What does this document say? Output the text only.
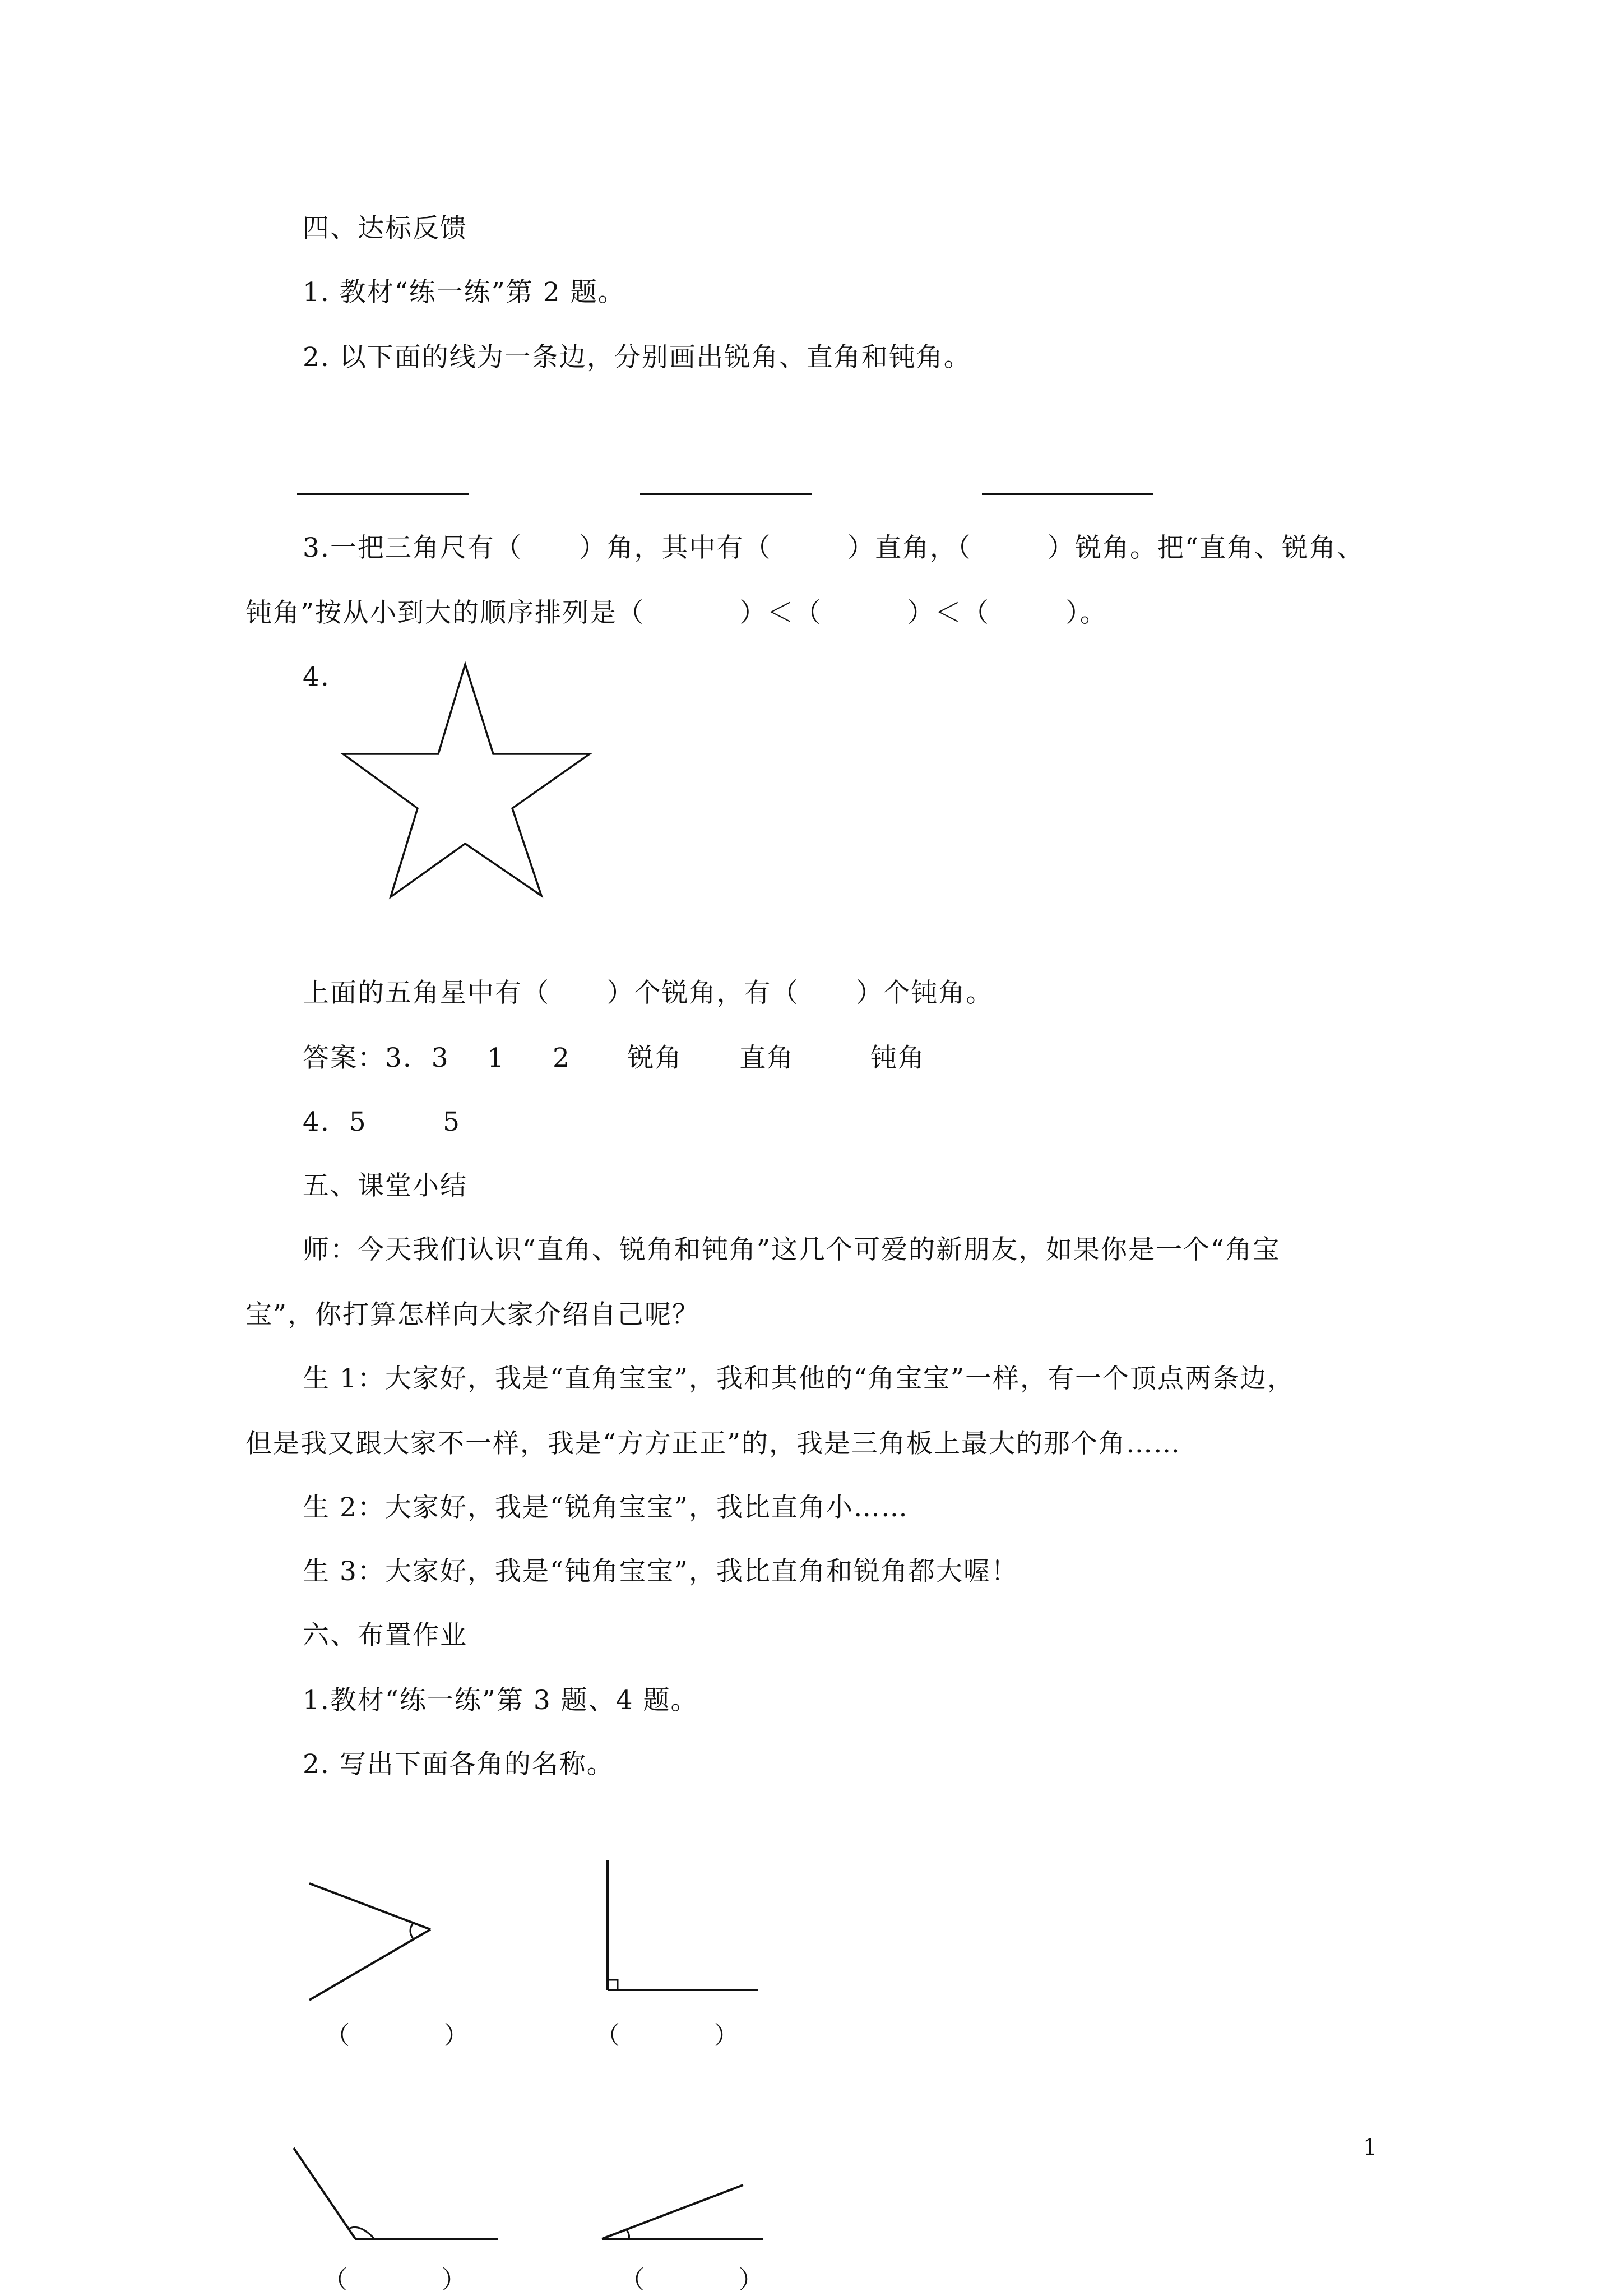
四、达标反馈
1. 教材“练一练”第 2 题。
2. 以下面的线为一条边，分别画出锐角、直角和钝角。
3.一把三角尺有（      ）角，其中有（        ）直角，（        ）锐角。把“直角、锐角、
钝角”按从小到大的顺序排列是（          ）＜（         ）＜（        ）。
4.
上面的五角星中有（      ）个锐角，有（      ）个钝角。
答案：3.  3    1     2      锐角      直角        钝角
4.  5        5
五、课堂小结
师：今天我们认识“直角、锐角和钝角”这几个可爱的新朋友，如果你是一个“角宝
宝”，你打算怎样向大家介绍自己呢？
生 1：大家好，我是“直角宝宝”，我和其他的“角宝宝”一样，有一个顶点两条边，
但是我又跟大家不一样，我是“方方正正”的，我是三角板上最大的那个角……
生 2：大家好，我是“锐角宝宝”，我比直角小……
生 3：大家好，我是“钝角宝宝”，我比直角和锐角都大喔！
六、布置作业
1.教材“练一练”第 3 题、4 题。
2. 写出下面各角的名称。
（            ）	（            ）
（            ）	（            ）
1
